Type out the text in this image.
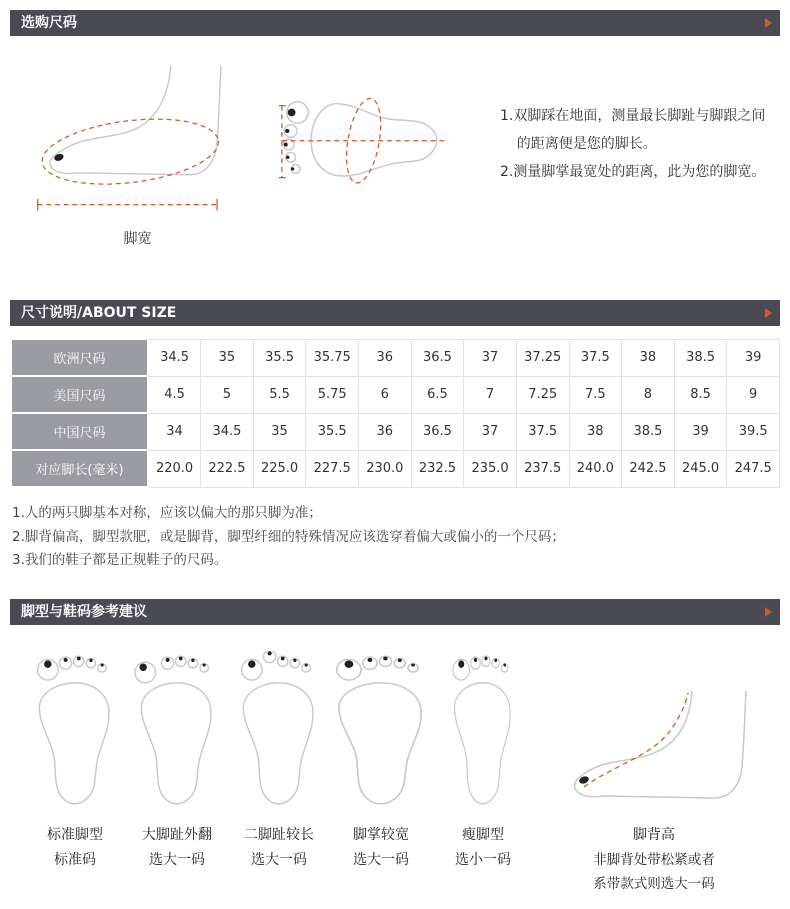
选购尺码
脚宽
1.双脚踩在地面，测量最长脚趾与脚跟之间的距离便是您的脚长。
2.测量脚掌最宽处的距离，此为您的脚宽。
尺寸说明/ABOUT SIZE
欧洲尺码	34.5	35	35.5	35.75	36	36.5	37	37.25	37.5	38	38.5	39
美国尺码	4.5	5	5.5	5.75	6	6.5	7	7.25	7.5	8	8.5	9
中国尺码	34	34.5	35	35.5	36	36.5	37	37.5	38	38.5	39	39.5
对应脚长(毫米)	220.0	222.5	225.0	227.5	230.0	232.5	235.0	237.5	240.0	242.5	245.0	247.5
1.人的两只脚基本对称，应该以偏大的那只脚为准；
2.脚背偏高，脚型款肥，或是脚背，脚型纤细的特殊情况应该选穿着偏大或偏小的一个尺码；
3.我们的鞋子都是正规鞋子的尺码。
脚型与鞋码参考建议
标准脚型
标准码
大脚趾外翻
选大一码
二脚趾较长
选大一码
脚掌较宽
选大一码
瘦脚型
选小一码
脚背高
非脚背处带松紧或者
系带款式则选大一码
